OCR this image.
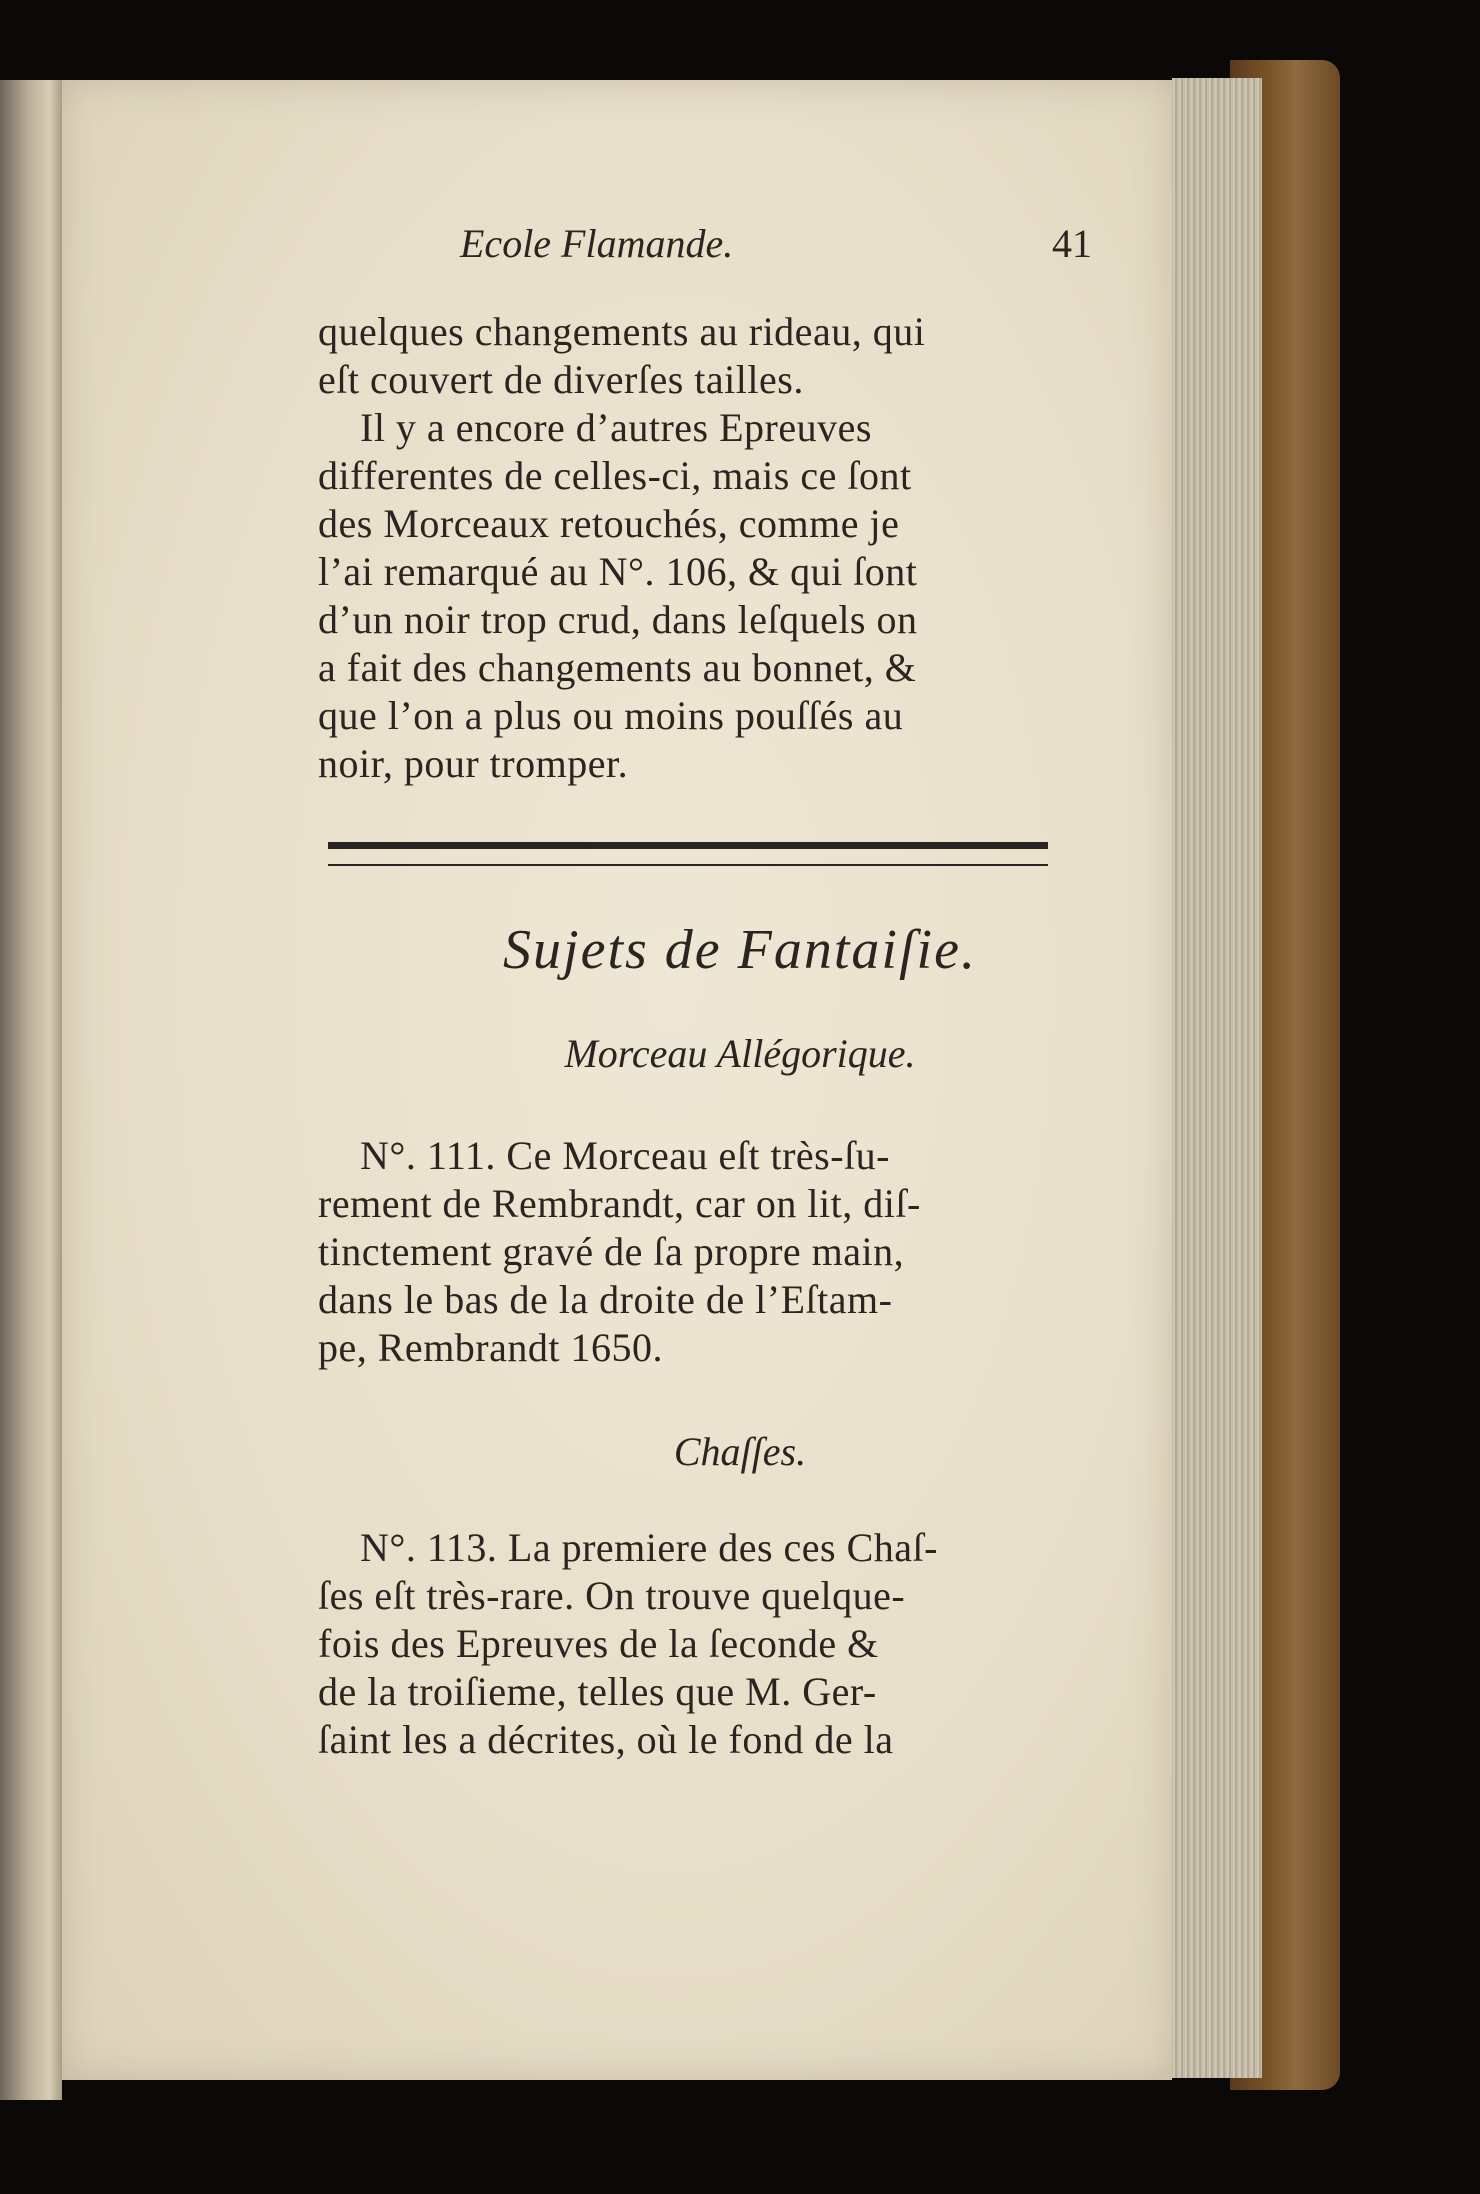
Ecole Flamande.	41
quelques changements au rideau, qui
eſt couvert de diverſes tailles.
Il y a encore d’autres Epreuves
differentes de celles-ci, mais ce ſont
des Morceaux retouchés, comme je
l’ai remarqué au N°. 106, & qui ſont
d’un noir trop crud, dans leſquels on
a fait des changements au bonnet, &
que l’on a plus ou moins pouſſés au
noir, pour tromper.
Sujets de Fantaiſie.
Morceau Allégorique.
N°. 111. Ce Morceau eſt très-ſu-
rement de Rembrandt, car on lit, diſ-
tinctement gravé de ſa propre main,
dans le bas de la droite de l’Eſtam-
pe, Rembrandt 1650.
Chaſſes.
N°. 113. La premiere des ces Chaſ-
ſes eſt très-rare. On trouve quelque-
fois des Epreuves de la ſeconde &
de la troiſieme, telles que M. Ger-
ſaint les a décrites, où le fond de la
